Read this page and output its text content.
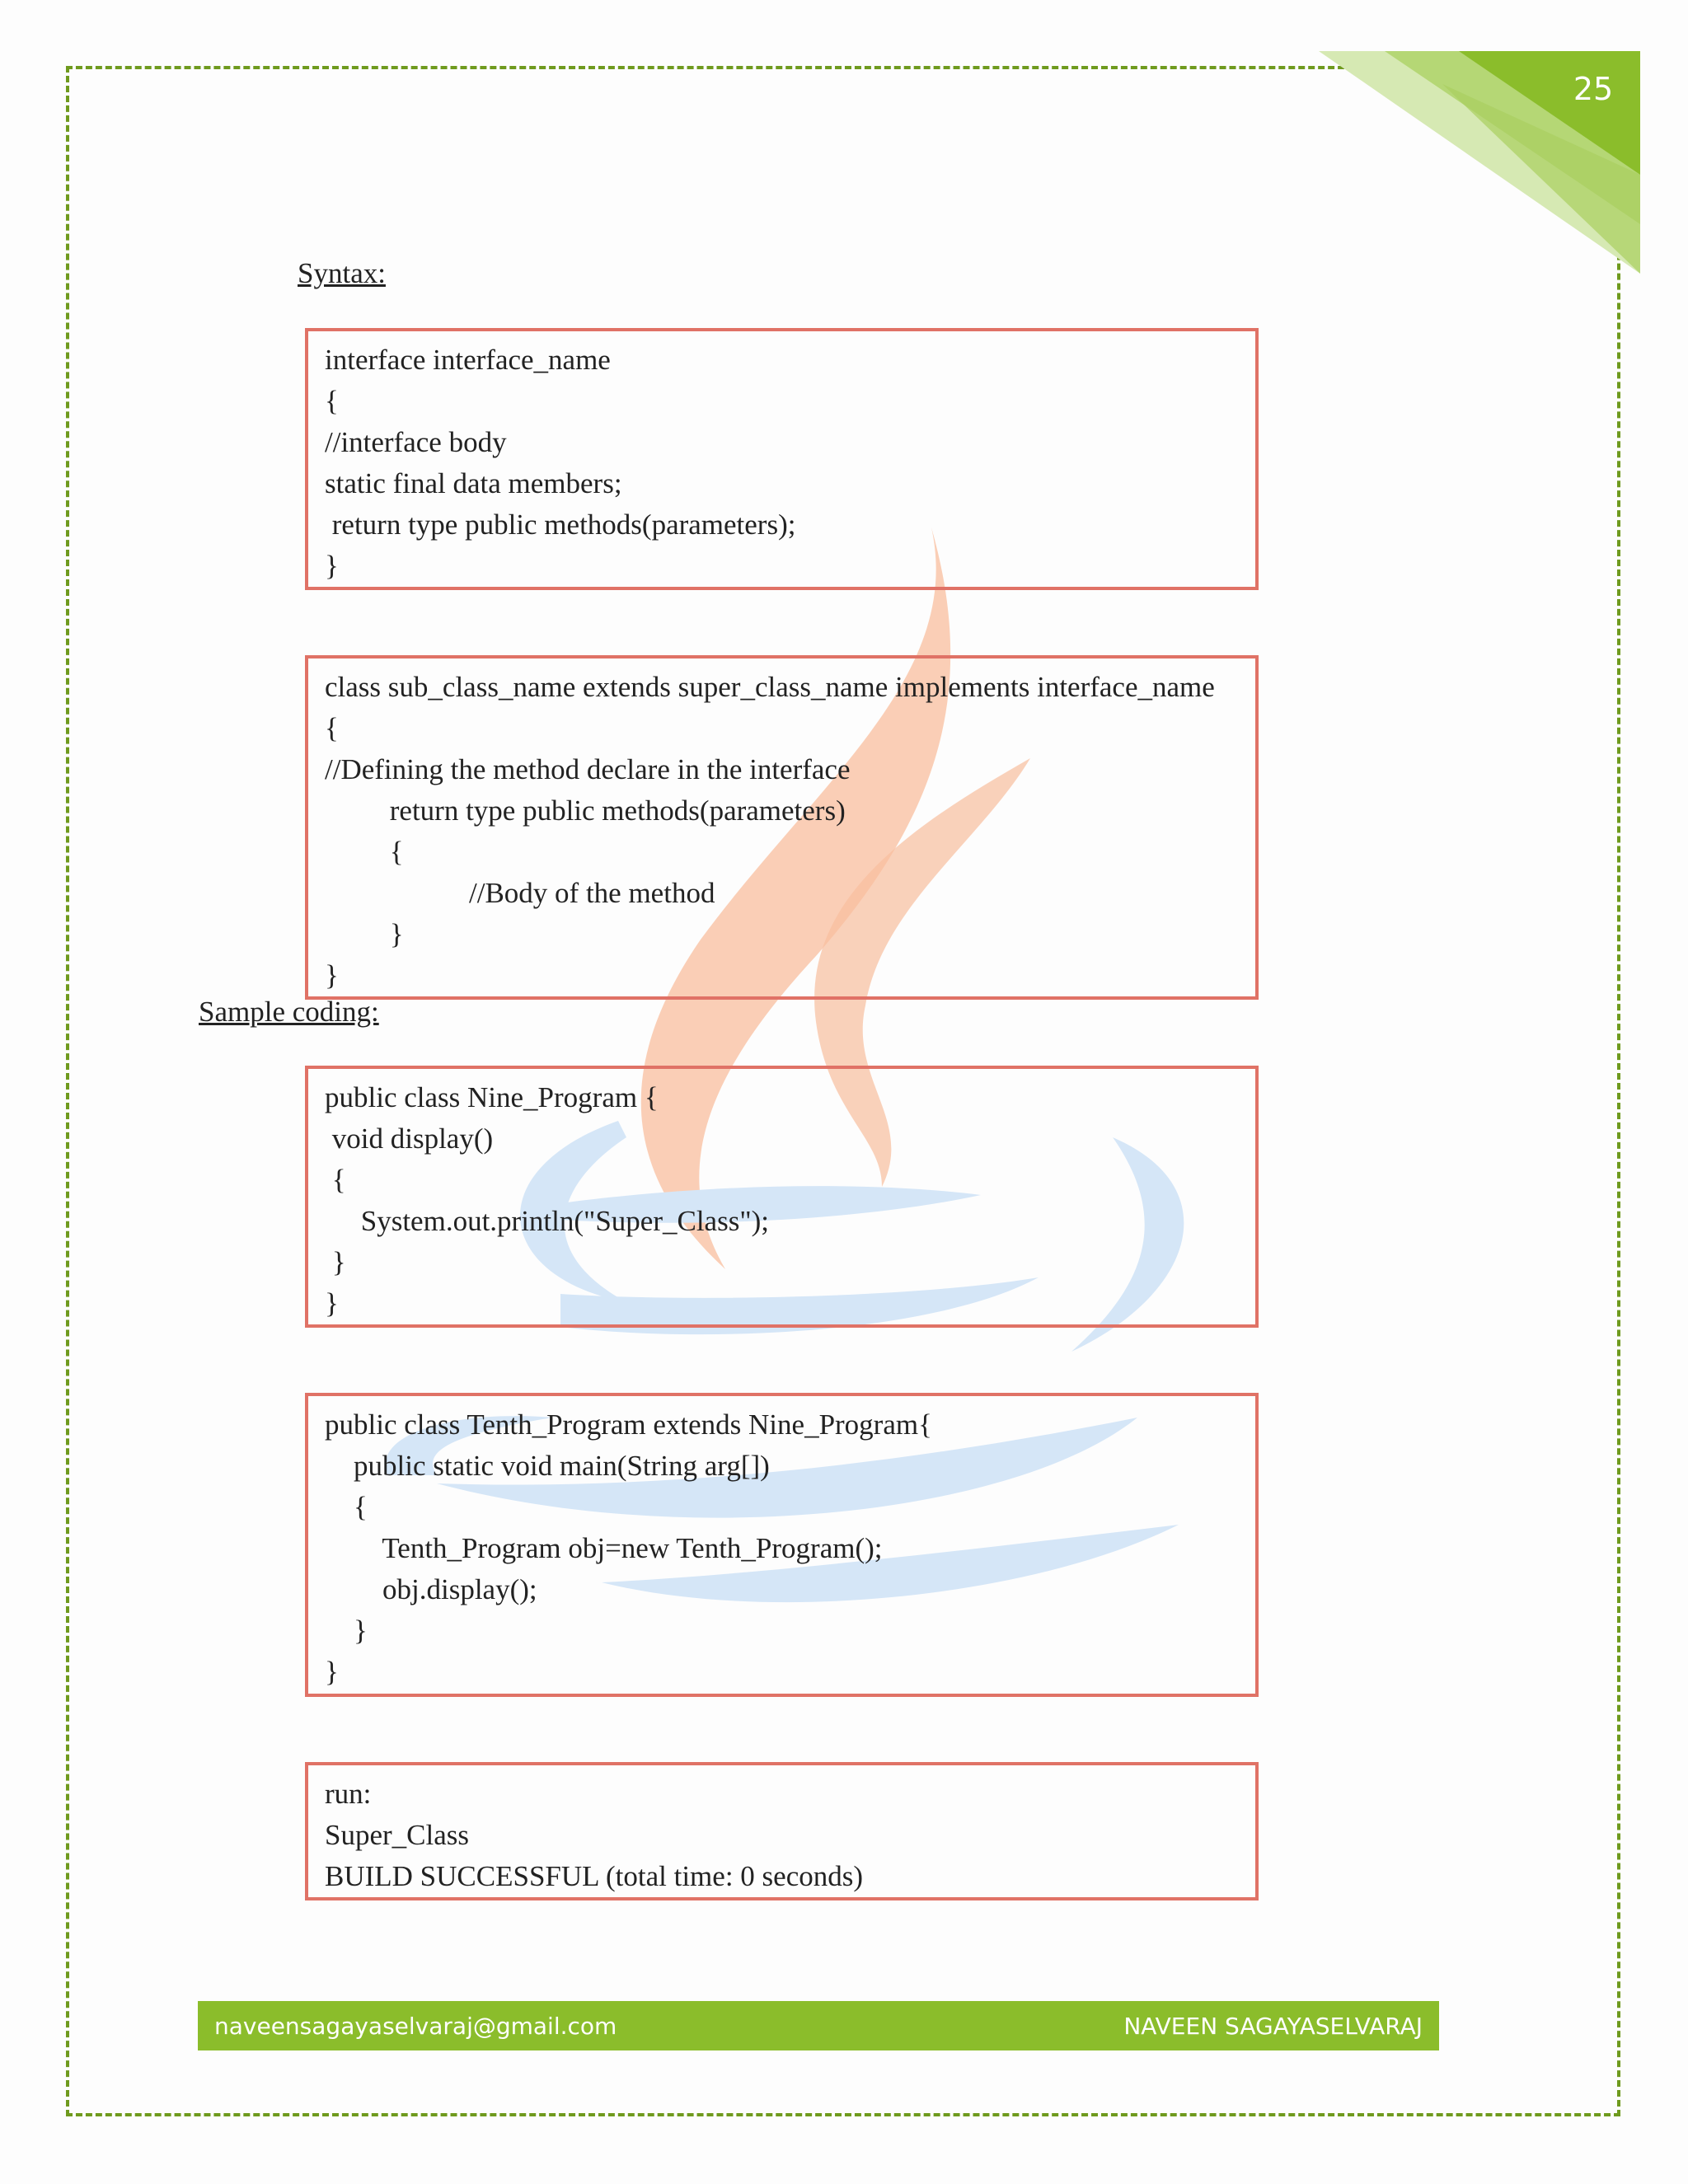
25
Syntax:
interface interface_name
{
//interface body
static final data members;
return type public methods(parameters);
}
class sub_class_name extends super_class_name implements interface_name
{
//Defining the method declare in the interface
return type public methods(parameters)
{
//Body of the method
}
}
Sample coding:
public class Nine_Program {
void display()
{
System.out.println("Super_Class");
}
}
public class Tenth_Program extends Nine_Program{
public static void main(String arg[])
{
Tenth_Program obj=new Tenth_Program();
obj.display();
}
}
run:
Super_Class
BUILD SUCCESSFUL (total time: 0 seconds)
naveensagayaselvaraj@gmail.com	NAVEEN SAGAYASELVARAJ
